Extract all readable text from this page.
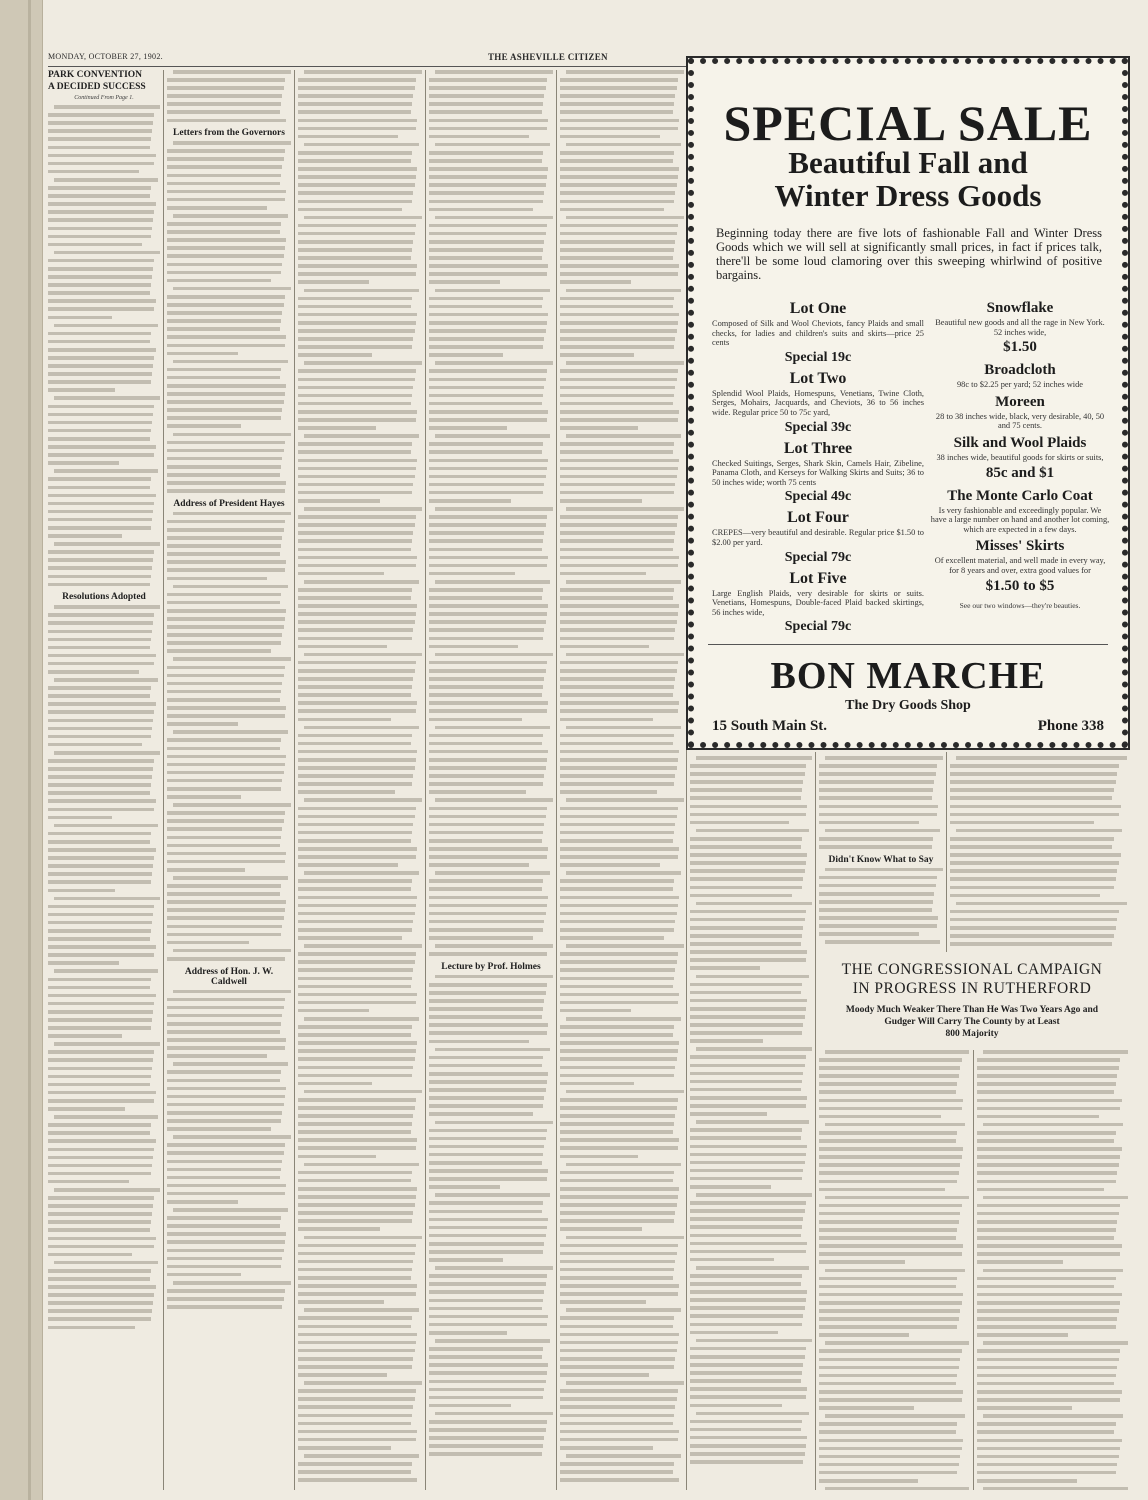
MONDAY, OCTOBER 27, 1902.	THE ASHEVILLE CITIZEN
PARK CONVENTION
A DECIDED SUCCESS
Continued From Page 1.
Resolutions Adopted
Letters from the Governors
Address of President Hayes
Address of Hon. J. W. Caldwell
Lecture by Prof. Holmes
SPECIAL SALE
Beautiful Fall and
Winter Dress Goods
Beginning today there are five lots of fashionable Fall and Winter Dress Goods which we will sell at significantly small prices, in fact if prices talk, there'll be some loud clamoring over this sweeping whirlwind of positive bargains.
Lot One
Composed of Silk and Wool Cheviots, fancy Plaids and small checks, for ladies and children's suits and skirts—price 25 cents
Special 19c
Lot Two
Splendid Wool Plaids, Homespuns, Venetians, Twine Cloth, Serges, Mohairs, Jacquards, and Cheviots, 36 to 56 inches wide. Regular price 50 to 75c yard,
Special 39c
Lot Three
Checked Suitings, Serges, Shark Skin, Camels Hair, Zibeline, Panama Cloth, and Kerseys for Walking Skirts and Suits; 36 to 50 inches wide; worth 75 cents
Special 49c
Lot Four
CREPES—very beautiful and desirable. Regular price $1.50 to $2.00 per yard.
Special 79c
Lot Five
Large English Plaids, very desirable for skirts or suits. Venetians, Homespuns, Double-faced Plaid backed skirtings, 56 inches wide,
Special 79c
Snowflake
Beautiful new goods and all the rage in New York. 52 inches wide,
$1.50
Broadcloth
98c to $2.25 per yard; 52 inches wide
Moreen
28 to 38 inches wide, black, very desirable, 40, 50 and 75 cents.
Silk and Wool Plaids
38 inches wide, beautiful goods for skirts or suits,
85c and $1
The Monte Carlo Coat
Is very fashionable and exceedingly popular. We have a large number on hand and another lot coming, which are expected in a few days.
Misses' Skirts
Of excellent material, and well made in every way, for 8 years and over, extra good values for
$1.50 to $5
See our two windows—they're beauties.
BON MARCHE
The Dry Goods Shop
15 South Main St.	Phone 338
Didn't Know What to Say
THE CONGRESSIONAL CAMPAIGN
IN PROGRESS IN RUTHERFORD
Moody Much Weaker There Than He Was Two Years Ago and
Gudger Will Carry The County by at Least
800 Majority
